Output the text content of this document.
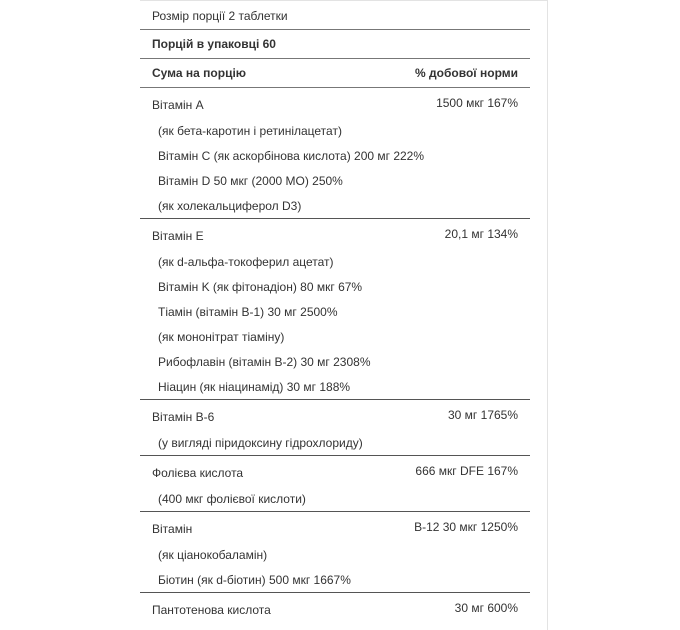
Розмір порції 2 таблетки	
Порцій в упаковці 60	
Сума на порцію	% добової норми
Вітамін А	1500 мкг 167%
(як бета-каротин і ретинілацетат)	
Вітамін С (як аскорбінова кислота) 200 мг 222%	
Вітамін D 50 мкг (2000 МО) 250%	
(як холекальциферол D3)	
Вітамін Е	20,1 мг 134%
(як d-альфа-токоферил ацетат)	
Вітамін K (як фітонадіон) 80 мкг 67%	
Тіамін (вітамін B-1) 30 мг 2500%	
(як мононітрат тіаміну)	
Рибофлавін (вітамін B-2) 30 мг 2308%	
Ніацин (як ніацинамід) 30 мг 188%	
Вітамін B-6	30 мг 1765%
(у вигляді піридоксину гідрохлориду)	
Фолієва кислота	666 мкг DFE 167%
(400 мкг фолієвої кислоти)	
Вітамін	B-12 30 мкг 1250%
(як ціанокобаламін)	
Біотин (як d-біотин) 500 мкг 1667%	
Пантотенова кислота	30 мг 600%
